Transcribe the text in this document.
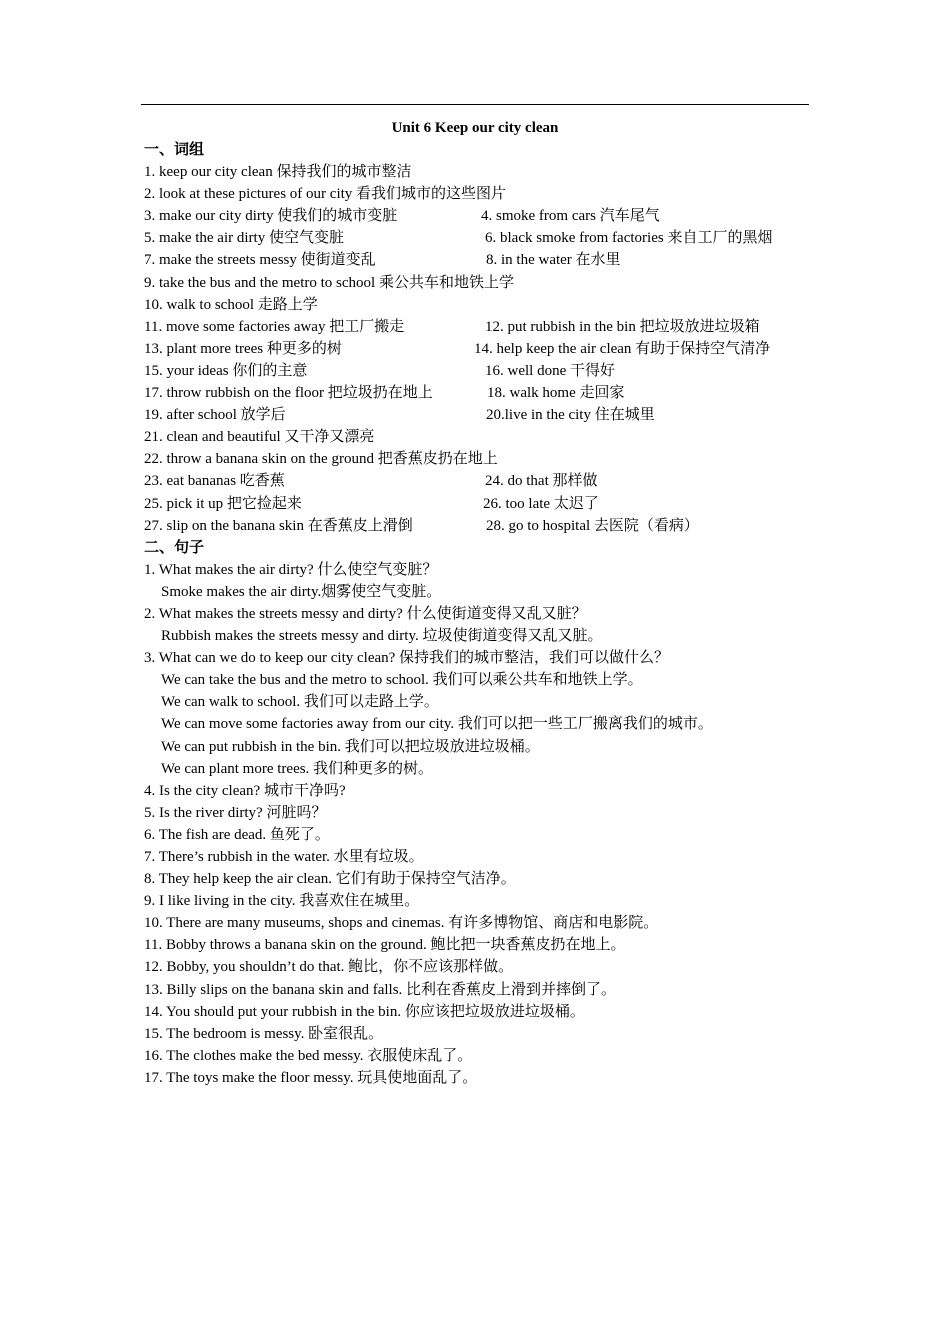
Unit 6 Keep our city clean
一、词组
1. keep our city clean 保持我们的城市整洁
2. look at these pictures of our city 看我们城市的这些图片
3. make our city dirty 使我们的城市变脏	4. smoke from cars 汽车尾气
5. make the air dirty 使空气变脏	6. black smoke from factories 来自工厂的黑烟
7. make the streets messy 使街道变乱	8. in the water 在水里
9. take the bus and the metro to school 乘公共车和地铁上学
10. walk to school 走路上学
11. move some factories away 把工厂搬走	12. put rubbish in the bin 把垃圾放进垃圾箱
13. plant more trees 种更多的树	14. help keep the air clean 有助于保持空气清净
15. your ideas 你们的主意	16. well done 干得好
17. throw rubbish on the floor 把垃圾扔在地上	18. walk home 走回家
19. after school 放学后	20.live in the city 住在城里
21. clean and beautiful 又干净又漂亮
22. throw a banana skin on the ground 把香蕉皮扔在地上
23. eat bananas 吃香蕉	24. do that 那样做
25. pick it up 把它捡起来	26. too late 太迟了
27. slip on the banana skin 在香蕉皮上滑倒	28. go to hospital 去医院（看病）
二、句子
1. What makes the air dirty? 什么使空气变脏？
Smoke makes the air dirty.烟雾使空气变脏。
2. What makes the streets messy and dirty? 什么使街道变得又乱又脏？
Rubbish makes the streets messy and dirty. 垃圾使街道变得又乱又脏。
3. What can we do to keep our city clean? 保持我们的城市整洁，我们可以做什么？
We can take the bus and the metro to school. 我们可以乘公共车和地铁上学。
We can walk to school. 我们可以走路上学。
We can move some factories away from our city. 我们可以把一些工厂搬离我们的城市。
We can put rubbish in the bin. 我们可以把垃圾放进垃圾桶。
We can plant more trees. 我们种更多的树。
4. Is the city clean? 城市干净吗?
5. Is the river dirty? 河脏吗？
6. The fish are dead. 鱼死了。
7. There’s rubbish in the water. 水里有垃圾。
8. They help keep the air clean. 它们有助于保持空气洁净。
9. I like living in the city. 我喜欢住在城里。
10. There are many museums, shops and cinemas. 有许多博物馆、商店和电影院。
11. Bobby throws a banana skin on the ground. 鲍比把一块香蕉皮扔在地上。
12. Bobby, you shouldn’t do that. 鲍比，你不应该那样做。
13. Billy slips on the banana skin and falls. 比利在香蕉皮上滑到并摔倒了。
14. You should put your rubbish in the bin. 你应该把垃圾放进垃圾桶。
15. The bedroom is messy. 卧室很乱。
16. The clothes make the bed messy. 衣服使床乱了。
17. The toys make the floor messy. 玩具使地面乱了。
